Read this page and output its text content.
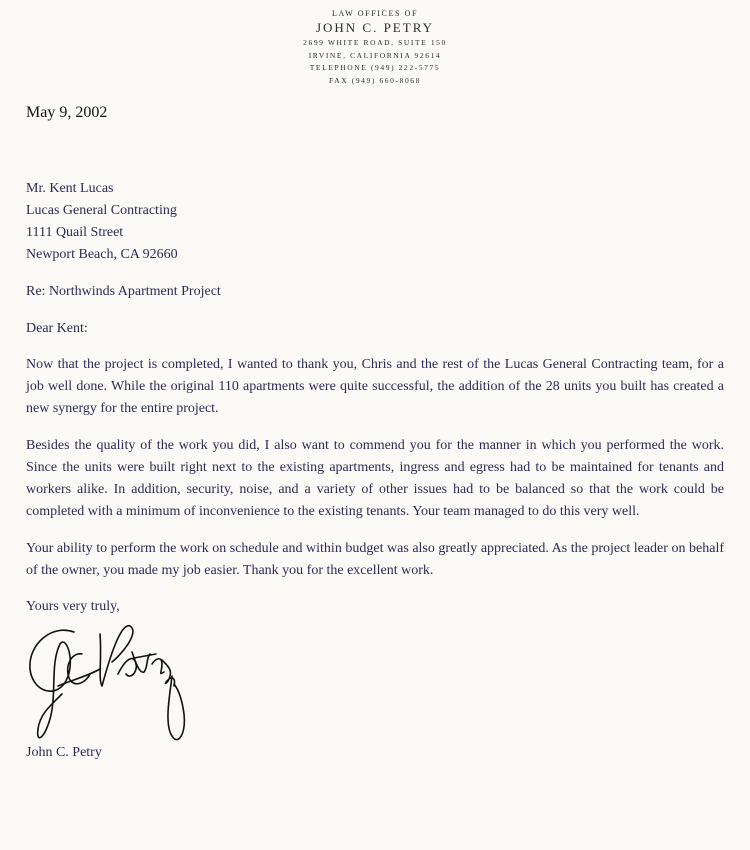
LAW OFFICES OF
JOHN C. PETRY
2699 WHITE ROAD, SUITE 150
IRVINE, CALIFORNIA 92614
TELEPHONE (949) 222-5775
FAX (949) 660-8068
May 9, 2002
Mr. Kent Lucas
Lucas General Contracting
1111 Quail Street
Newport Beach, CA 92660
Re: Northwinds Apartment Project
Dear Kent:
Now that the project is completed, I wanted to thank you, Chris and the rest of the Lucas General Contracting team, for a job well done. While the original 110 apartments were quite successful, the addition of the 28 units you built has created a new synergy for the entire project.
Besides the quality of the work you did, I also want to commend you for the manner in which you performed the work. Since the units were built right next to the existing apartments, ingress and egress had to be maintained for tenants and workers alike. In addition, security, noise, and a variety of other issues had to be balanced so that the work could be completed with a minimum of inconvenience to the existing tenants. Your team managed to do this very well.
Your ability to perform the work on schedule and within budget was also greatly appreciated. As the project leader on behalf of the owner, you made my job easier. Thank you for the excellent work.
Yours very truly,
John C. Petry
